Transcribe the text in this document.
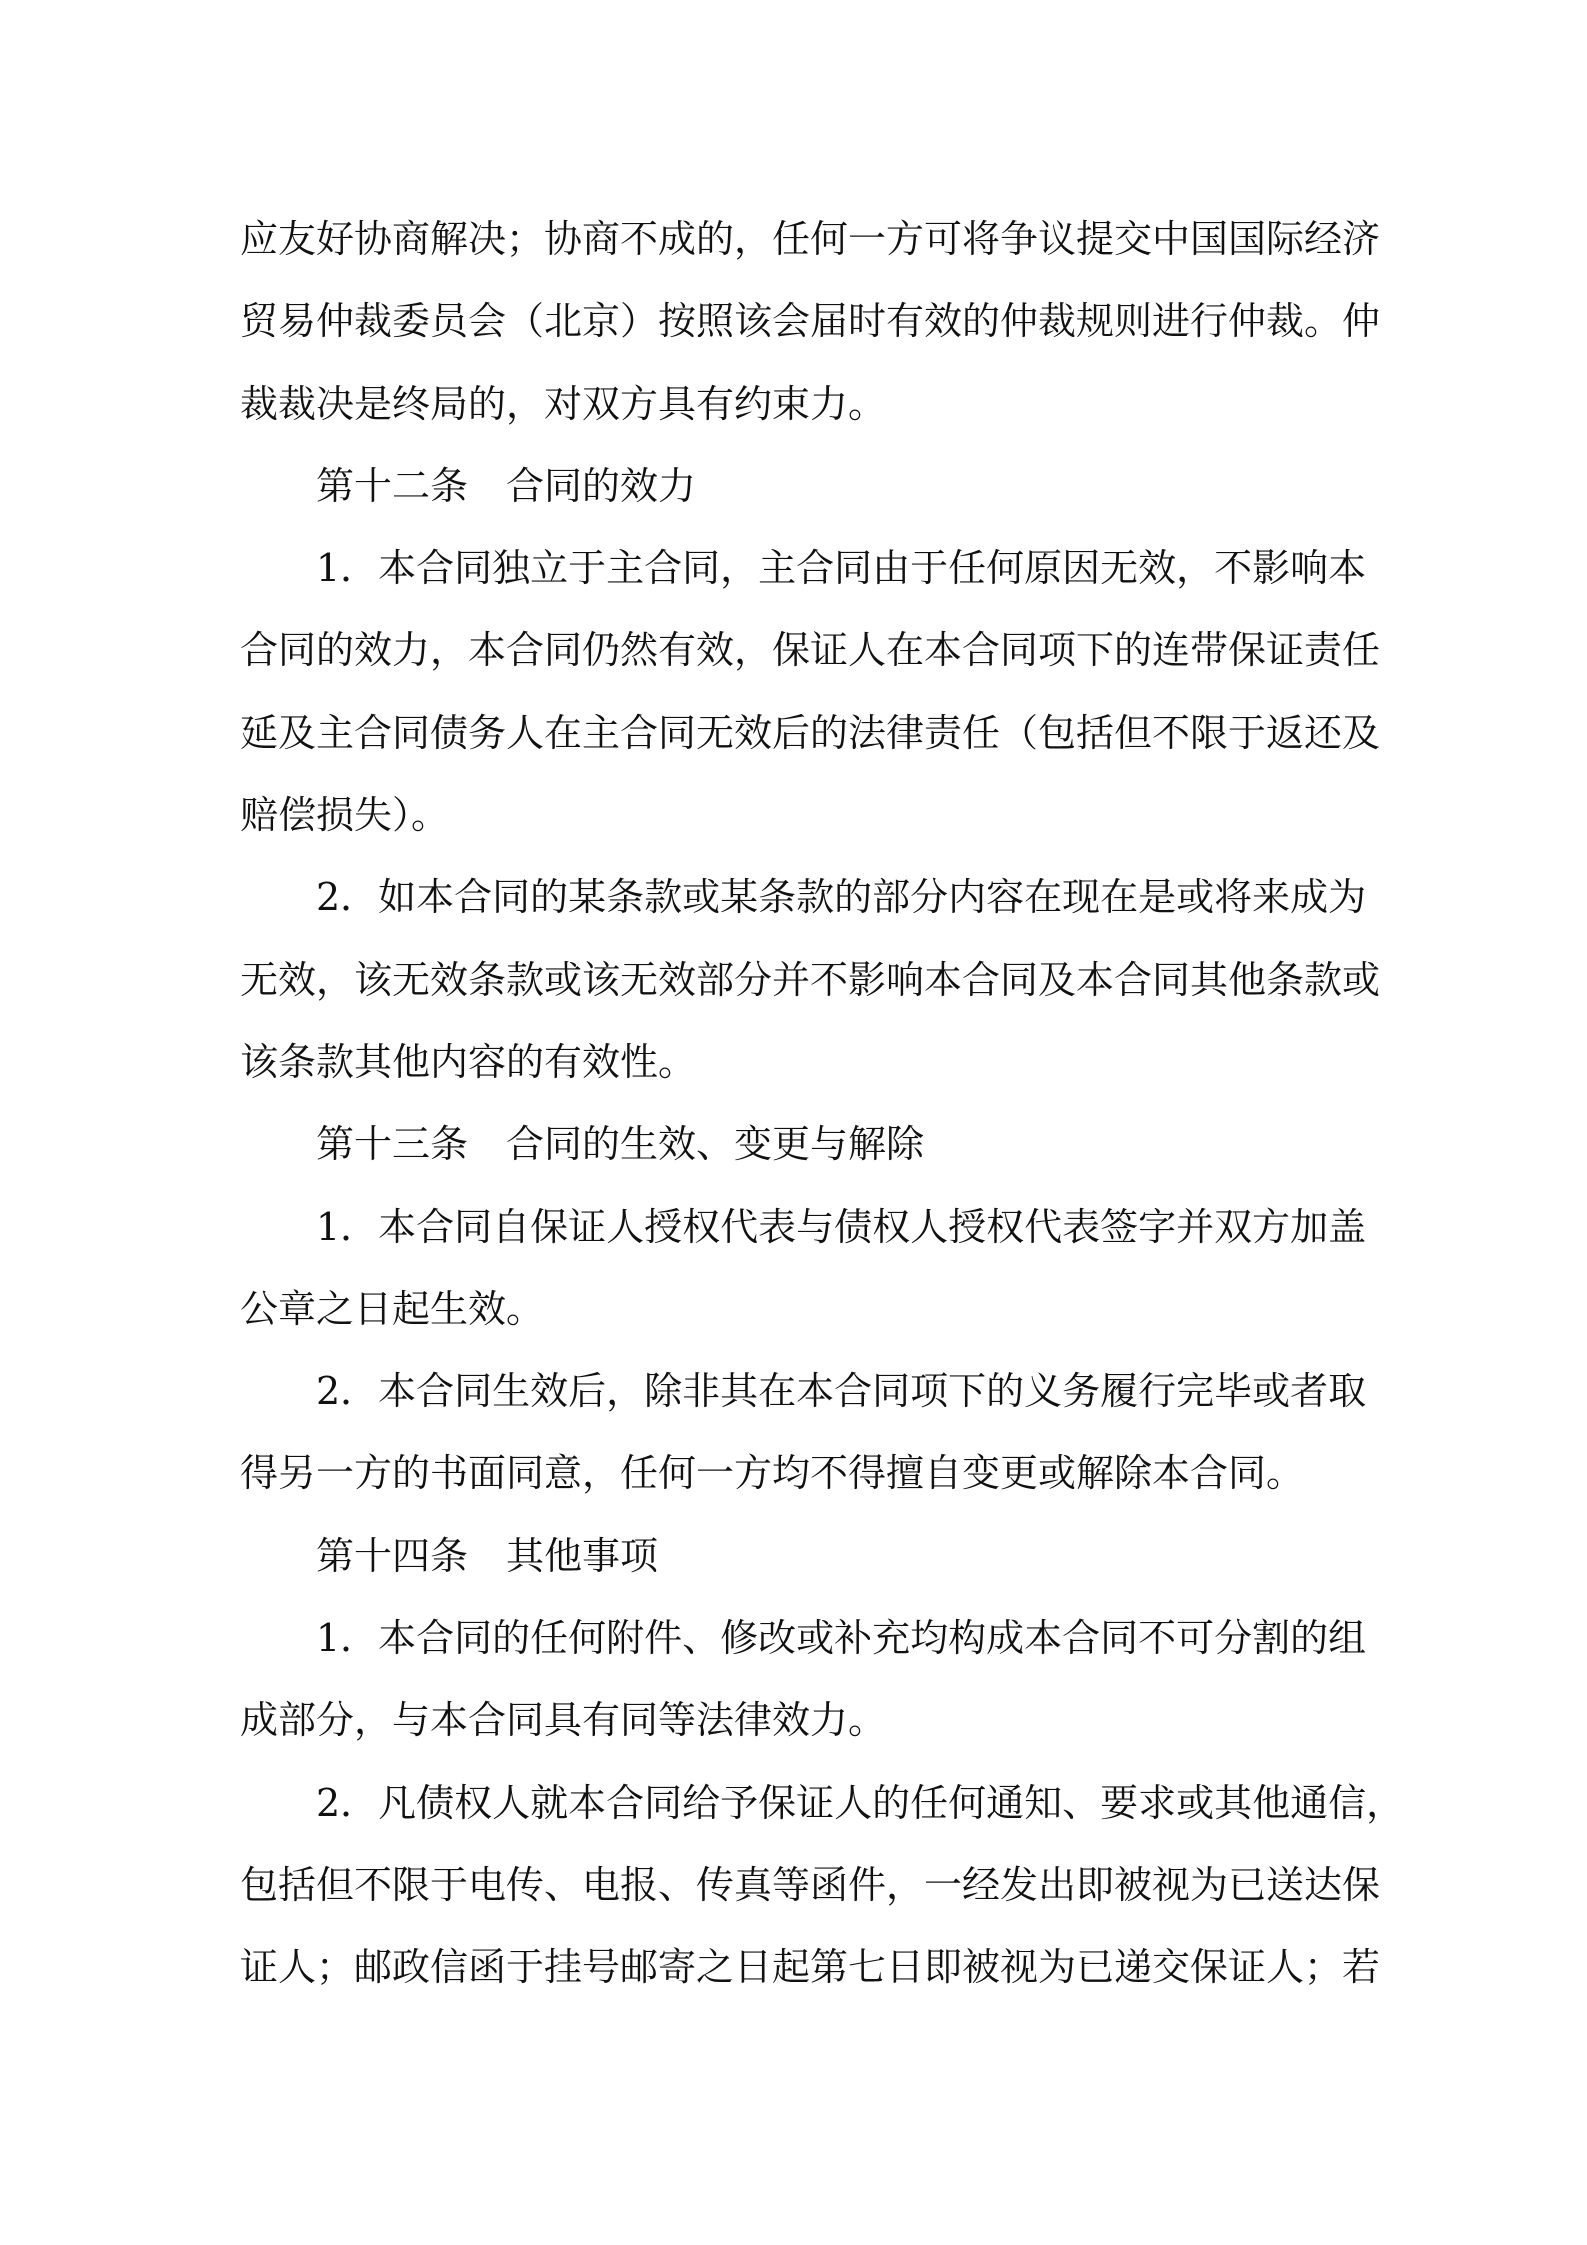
应友好协商解决；协商不成的，任何一方可将争议提交中国国际经济
贸易仲裁委员会（北京）按照该会届时有效的仲裁规则进行仲裁。仲
裁裁决是终局的，对双方具有约束力。
第十二条　合同的效力
1．本合同独立于主合同，主合同由于任何原因无效，不影响本
合同的效力，本合同仍然有效，保证人在本合同项下的连带保证责任
延及主合同债务人在主合同无效后的法律责任（包括但不限于返还及
赔偿损失）。
2．如本合同的某条款或某条款的部分内容在现在是或将来成为
无效，该无效条款或该无效部分并不影响本合同及本合同其他条款或
该条款其他内容的有效性。
第十三条　合同的生效、变更与解除
1．本合同自保证人授权代表与债权人授权代表签字并双方加盖
公章之日起生效。
2．本合同生效后，除非其在本合同项下的义务履行完毕或者取
得另一方的书面同意，任何一方均不得擅自变更或解除本合同。
第十四条　其他事项
1．本合同的任何附件、修改或补充均构成本合同不可分割的组
成部分，与本合同具有同等法律效力。
2．凡债权人就本合同给予保证人的任何通知、要求或其他通信，
包括但不限于电传、电报、传真等函件，一经发出即被视为已送达保
证人；邮政信函于挂号邮寄之日起第七日即被视为已递交保证人；若
